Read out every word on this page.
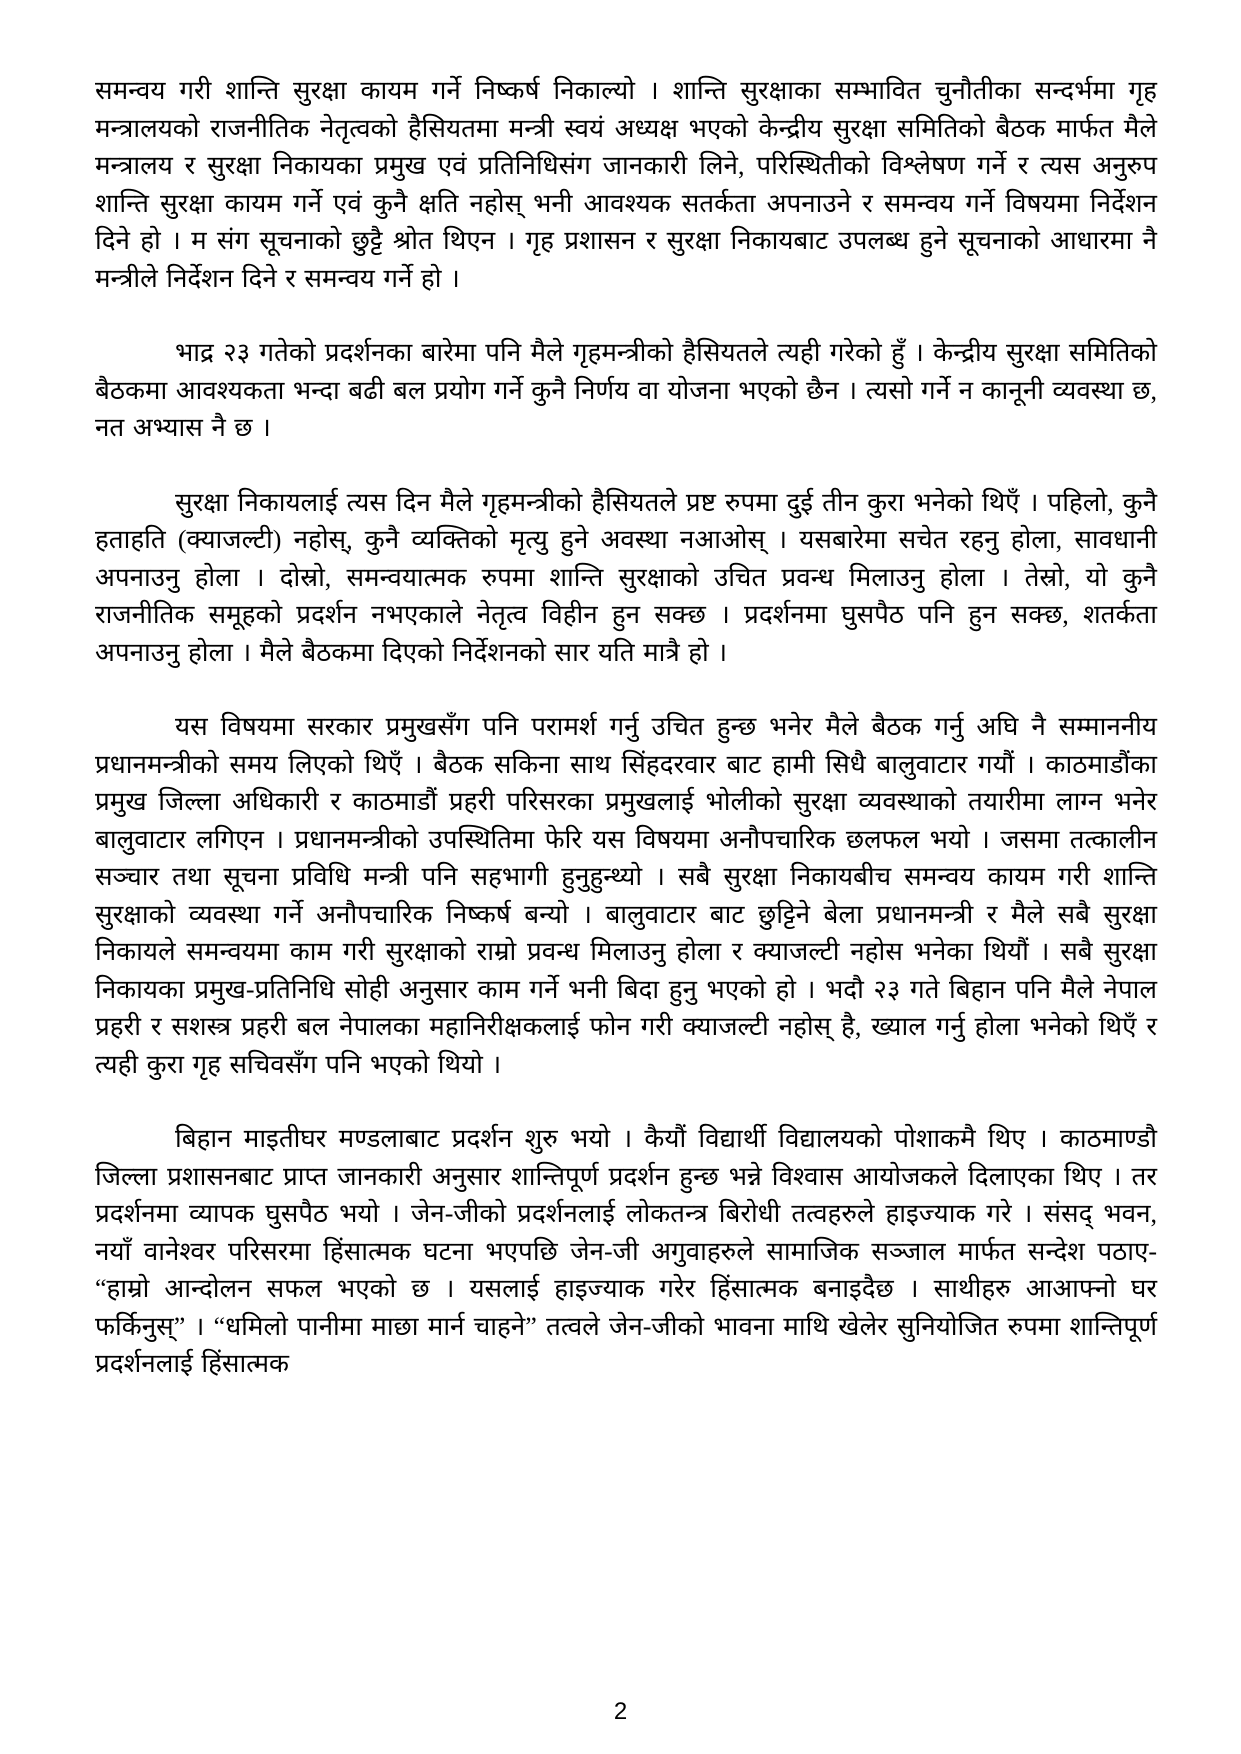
समन्वय गरी शान्ति सुरक्षा कायम गर्ने निष्कर्ष निकाल्यो । शान्ति सुरक्षाका सम्भावित चुनौतीका सन्दर्भमा गृह मन्त्रालयको राजनीतिक नेतृत्वको हैसियतमा मन्त्री स्वयं अध्यक्ष भएको केन्द्रीय सुरक्षा समितिको बैठक मार्फत मैले मन्त्रालय र सुरक्षा निकायका प्रमुख एवं प्रतिनिधिसंग जानकारी लिने, परिस्थितीको विश्लेषण गर्ने र त्यस अनुरुप शान्ति सुरक्षा कायम गर्ने एवं कुनै क्षति नहोस् भनी आवश्यक सतर्कता अपनाउने र समन्वय गर्ने विषयमा निर्देशन दिने हो । म संग सूचनाको छुट्टै श्रोत थिएन । गृह प्रशासन र सुरक्षा निकायबाट उपलब्ध हुने सूचनाको आधारमा नै मन्त्रीले निर्देशन दिने र समन्वय गर्ने हो ।

भाद्र २३ गतेको प्रदर्शनका बारेमा पनि मैले गृहमन्त्रीको हैसियतले त्यही गरेको हुँ । केन्द्रीय सुरक्षा समितिको बैठकमा आवश्यकता भन्दा बढी बल प्रयोग गर्ने कुनै निर्णय वा योजना भएको छैन । त्यसो गर्ने न कानूनी व्यवस्था छ, नत अभ्यास नै छ ।

सुरक्षा निकायलाई त्यस दिन मैले गृहमन्त्रीको हैसियतले प्रष्ट रुपमा दुई तीन कुरा भनेको थिएँ । पहिलो, कुनै हताहति (क्याजल्टी) नहोस्, कुनै व्यक्तिको मृत्यु हुने अवस्था नआओस् । यसबारेमा सचेत रहनु होला, सावधानी अपनाउनु होला । दोस्रो, समन्वयात्मक रुपमा शान्ति सुरक्षाको उचित प्रवन्ध मिलाउनु होला । तेस्रो, यो कुनै राजनीतिक समूहको प्रदर्शन नभएकाले नेतृत्व विहीन हुन सक्छ । प्रदर्शनमा घुसपैठ पनि हुन सक्छ, शतर्कता अपनाउनु होला । मैले बैठकमा दिएको निर्देशनको सार यति मात्रै हो ।

यस विषयमा सरकार प्रमुखसँग पनि परामर्श गर्नु उचित हुन्छ भनेर मैले बैठक गर्नु अघि नै सम्माननीय प्रधानमन्त्रीको समय लिएको थिएँ । बैठक सकिना साथ सिंहदरवार बाट हामी सिधै बालुवाटार गयौं । काठमाडौंका प्रमुख जिल्ला अधिकारी र काठमाडौं प्रहरी परिसरका प्रमुखलाई भोलीको सुरक्षा व्यवस्थाको तयारीमा लाग्न भनेर बालुवाटार लगिएन । प्रधानमन्त्रीको उपस्थितिमा फेरि यस विषयमा अनौपचारिक छलफल भयो । जसमा तत्कालीन सञ्चार तथा सूचना प्रविधि मन्त्री पनि सहभागी हुनुहुन्थ्यो । सबै सुरक्षा निकायबीच समन्वय कायम गरी शान्ति सुरक्षाको व्यवस्था गर्ने अनौपचारिक निष्कर्ष बन्यो । बालुवाटार बाट छुट्टिने बेला प्रधानमन्त्री र मैले सबै सुरक्षा निकायले समन्वयमा काम गरी सुरक्षाको राम्रो प्रवन्ध मिलाउनु होला र क्याजल्टी नहोस भनेका थियौं । सबै सुरक्षा निकायका प्रमुख-प्रतिनिधि सोही अनुसार काम गर्ने भनी बिदा हुनु भएको हो । भदौ २३ गते बिहान पनि मैले नेपाल प्रहरी र सशस्त्र प्रहरी बल नेपालका महानिरीक्षकलाई फोन गरी क्याजल्टी नहोस् है, ख्याल गर्नु होला भनेको थिएँ र त्यही कुरा गृह सचिवसँग पनि भएको थियो ।

बिहान माइतीघर मण्डलाबाट प्रदर्शन शुरु भयो । कैयौं विद्यार्थी विद्यालयको पोशाकमै थिए । काठमाण्डौ जिल्ला प्रशासनबाट प्राप्त जानकारी अनुसार शान्तिपूर्ण प्रदर्शन हुन्छ भन्ने विश्वास आयोजकले दिलाएका थिए । तर प्रदर्शनमा व्यापक घुसपैठ भयो । जेन-जीको प्रदर्शनलाई लोकतन्त्र बिरोधी तत्वहरुले हाइज्याक गरे । संसद् भवन, नयाँ वानेश्वर परिसरमा हिंसात्मक घटना भएपछि जेन-जी अगुवाहरुले सामाजिक सञ्जाल मार्फत सन्देश पठाए- “हाम्रो आन्दोलन सफल भएको छ । यसलाई हाइज्याक गरेर हिंसात्मक बनाइदैछ । साथीहरु आआफ्नो घर फर्किनुस्” । “धमिलो पानीमा माछा मार्न चाहने” तत्वले जेन-जीको भावना माथि खेलेर सुनियोजित रुपमा शान्तिपूर्ण प्रदर्शनलाई हिंसात्मक

2
